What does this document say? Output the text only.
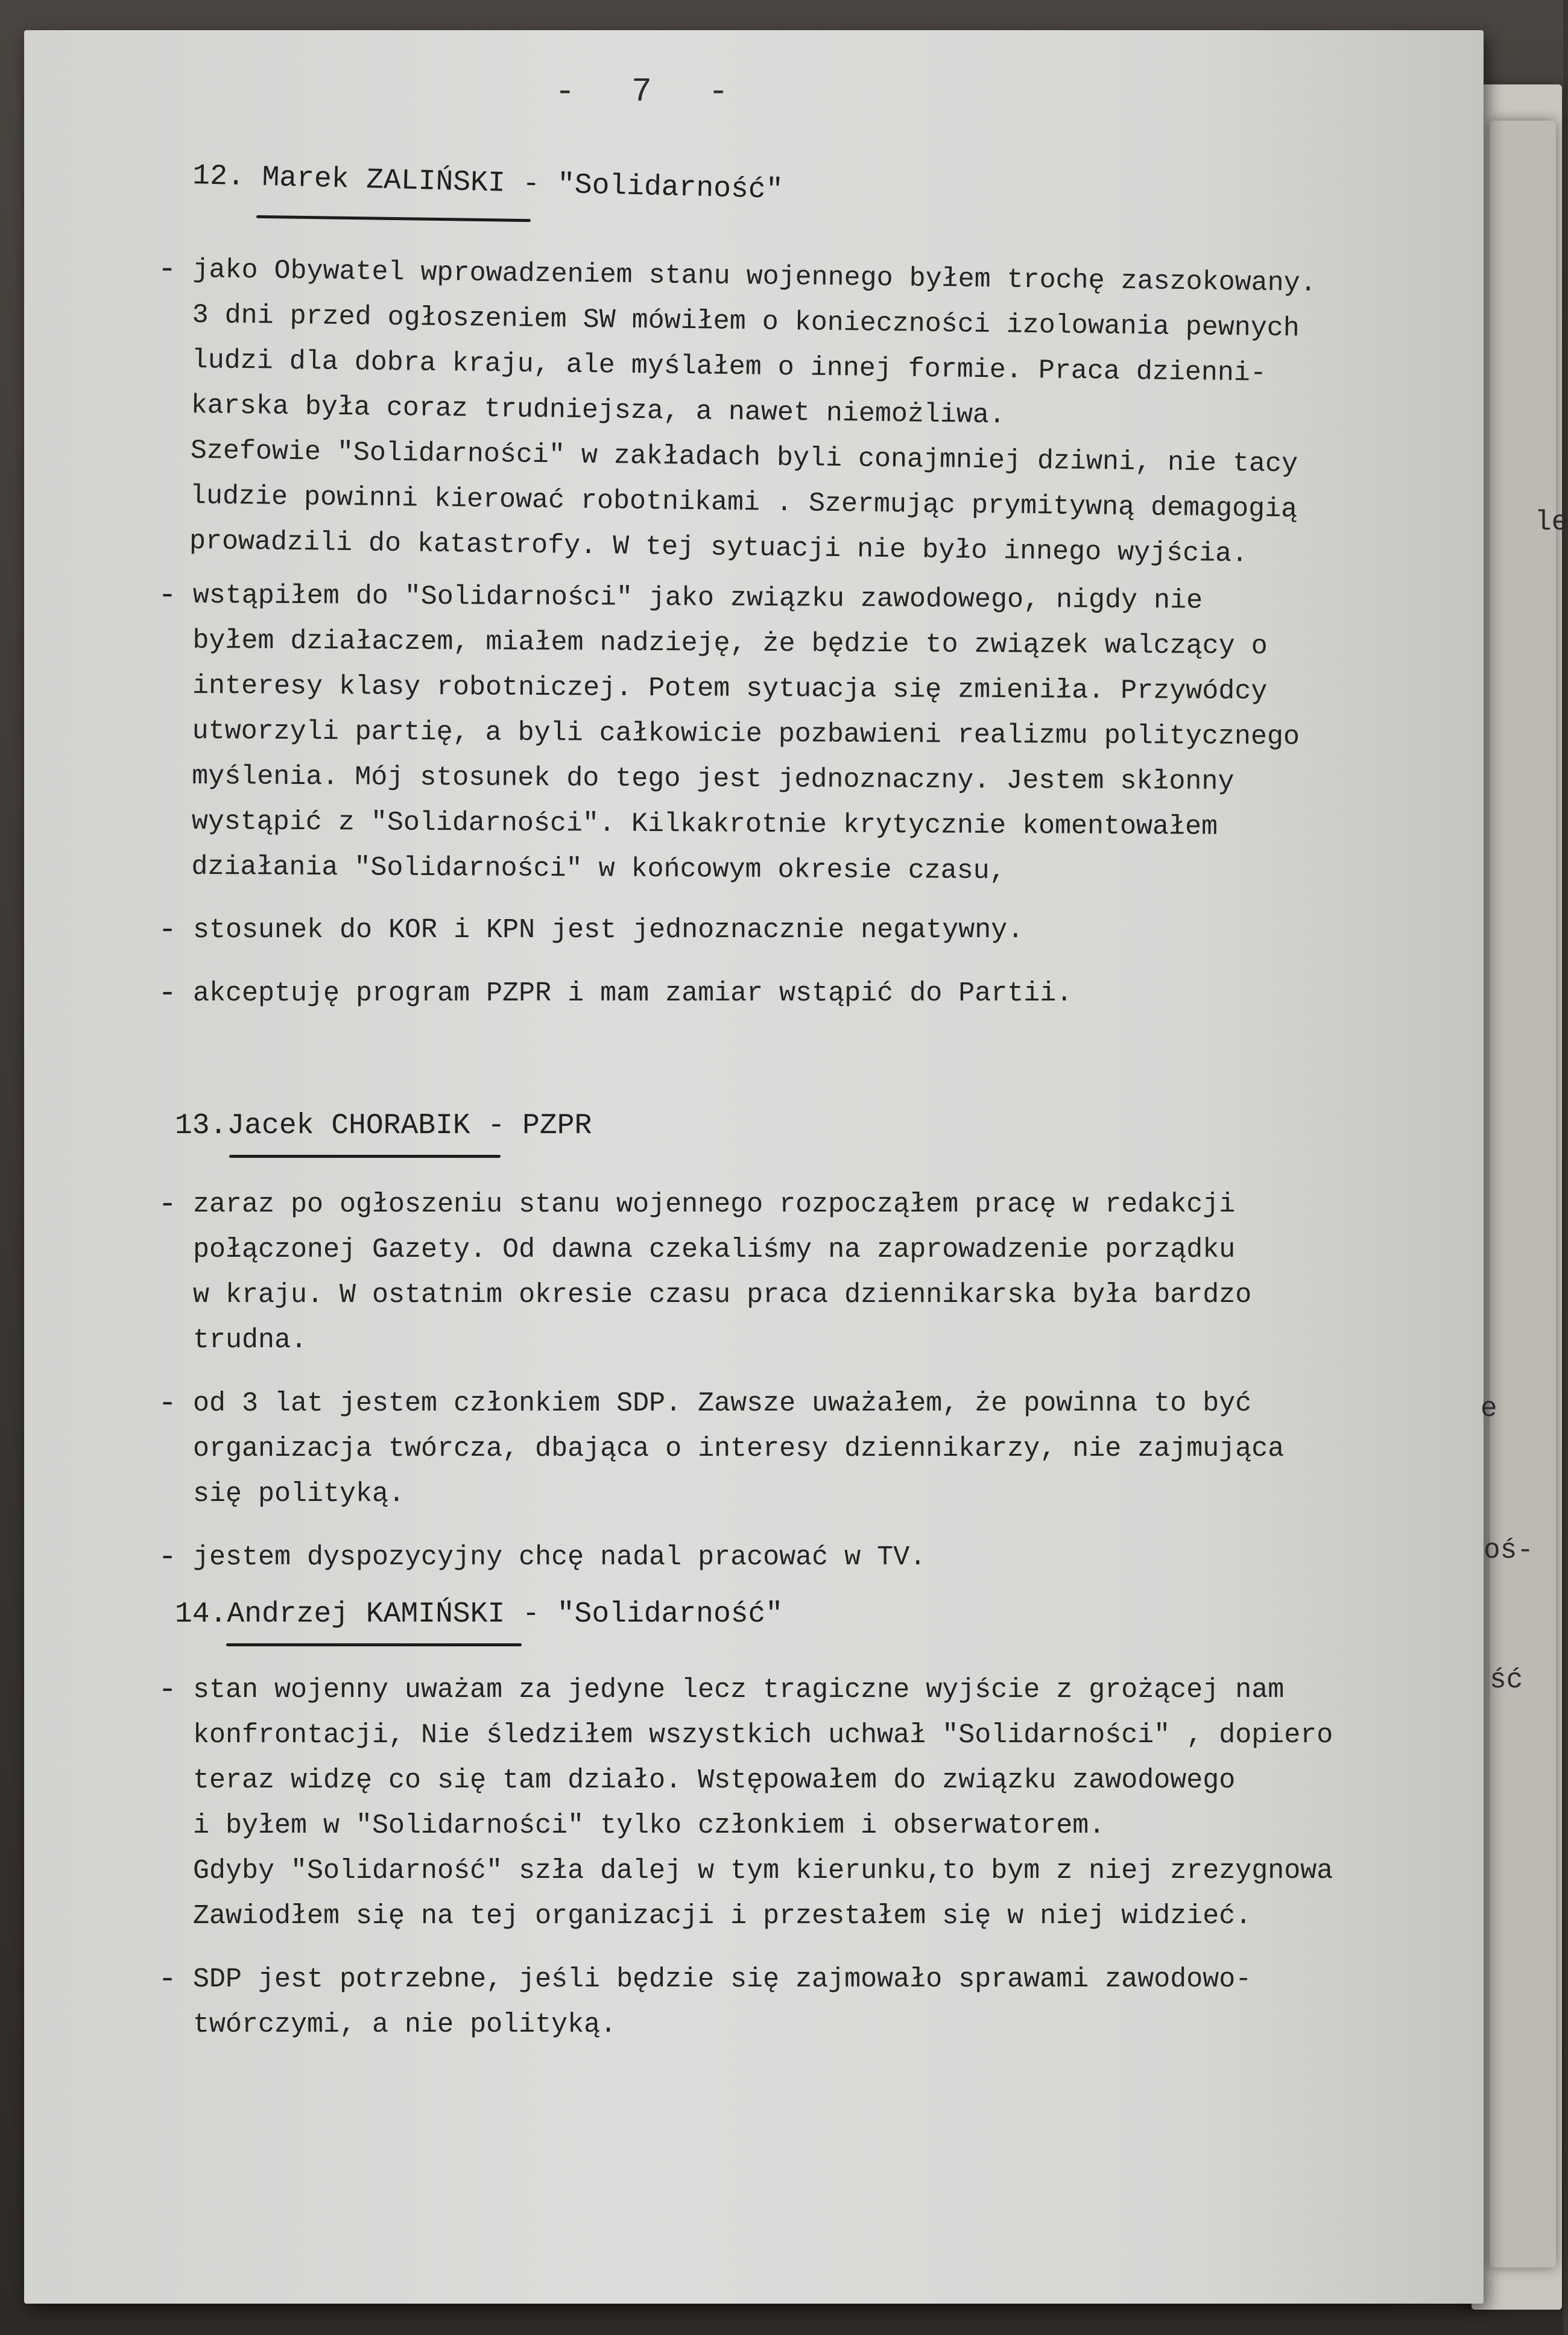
- 7 -
12. Marek ZALIŃSKI - "Solidarność"
- jako Obywatel wprowadzeniem stanu wojennego byłem trochę zaszokowany.
3 dni przed ogłoszeniem SW mówiłem o konieczności izolowania pewnych
ludzi dla dobra kraju, ale myślałem o innej formie. Praca dzienni-
karska była coraz trudniejsza, a nawet niemożliwa.
Szefowie "Solidarności" w zakładach byli conajmniej dziwni, nie tacy
ludzie powinni kierować robotnikami . Szermując prymitywną demagogią
prowadzili do katastrofy. W tej sytuacji nie było innego wyjścia.
- wstąpiłem do "Solidarności" jako związku zawodowego, nigdy nie
byłem działaczem, miałem nadzieję, że będzie to związek walczący o
interesy klasy robotniczej. Potem sytuacja się zmieniła. Przywódcy
utworzyli partię, a byli całkowicie pozbawieni realizmu politycznego
myślenia. Mój stosunek do tego jest jednoznaczny. Jestem skłonny
wystąpić z "Solidarności". Kilkakrotnie krytycznie komentowałem
działania "Solidarności" w końcowym okresie czasu,
- stosunek do KOR i KPN jest jednoznacznie negatywny.
- akceptuję program PZPR i mam zamiar wstąpić do Partii.
13.Jacek CHORABIK - PZPR
- zaraz po ogłoszeniu stanu wojennego rozpocząłem pracę w redakcji
połączonej Gazety. Od dawna czekaliśmy na zaprowadzenie porządku
w kraju. W ostatnim okresie czasu praca dziennikarska była bardzo
trudna.
- od 3 lat jestem członkiem SDP. Zawsze uważałem, że powinna to być
organizacja twórcza, dbająca o interesy dziennikarzy, nie zajmująca
się polityką.
- jestem dyspozycyjny chcę nadal pracować w TV.
14.Andrzej KAMIŃSKI - "Solidarność"
- stan wojenny uważam za jedyne lecz tragiczne wyjście z grożącej nam
konfrontacji, Nie śledziłem wszystkich uchwał "Solidarności" , dopiero
teraz widzę co się tam działo. Wstępowałem do związku zawodowego
i byłem w "Solidarności" tylko członkiem i obserwatorem.
Gdyby "Solidarność" szła dalej w tym kierunku,to bym z niej zrezygnowa
Zawiodłem się na tej organizacji i przestałem się w niej widzieć.
- SDP jest potrzebne, jeśli będzie się zajmowało sprawami zawodowo-
twórczymi, a nie polityką.
le
e
oś-
ść
